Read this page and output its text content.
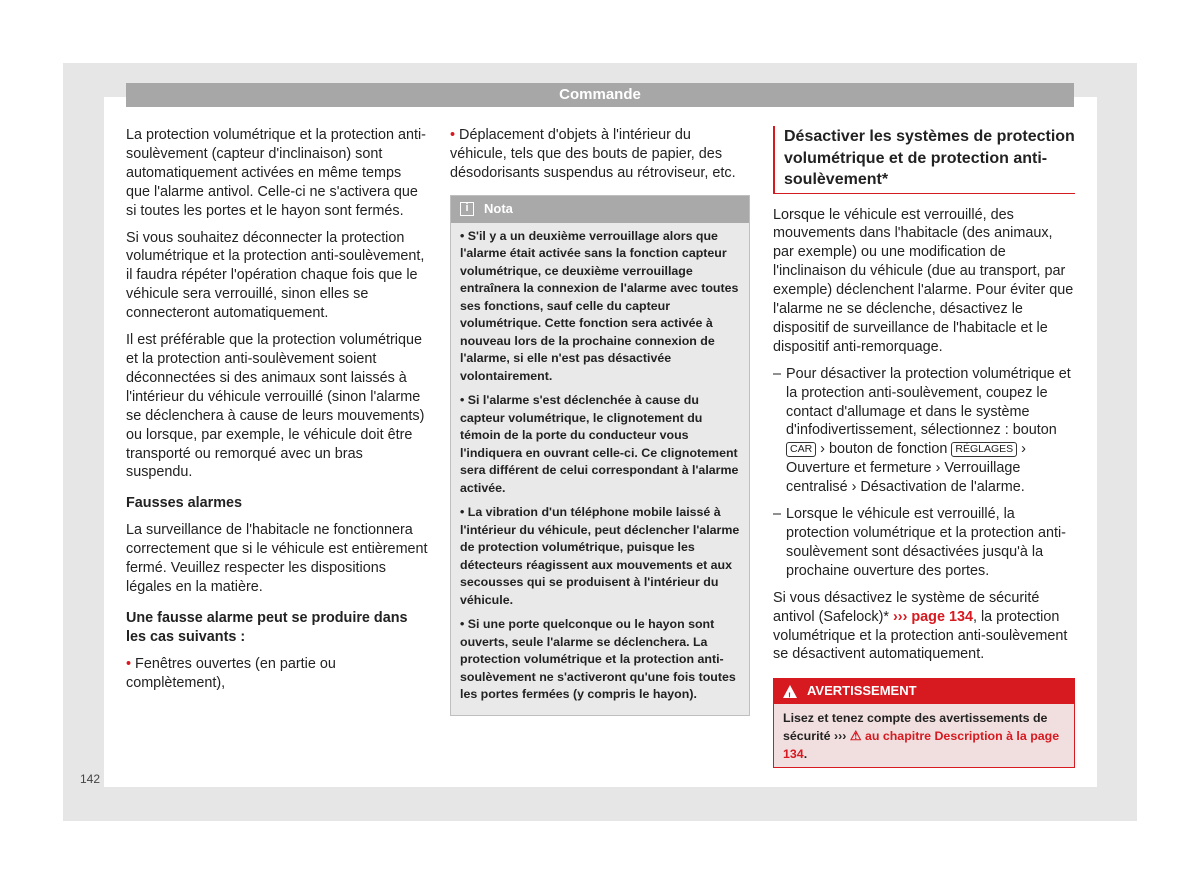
Commande

La protection volumétrique et la protection anti-soulèvement (capteur d'inclinaison) sont automatiquement activées en même temps que l'alarme antivol. Celle-ci ne s'activera que si toutes les portes et le hayon sont fermés.

Si vous souhaitez déconnecter la protection volumétrique et la protection anti-soulèvement, il faudra répéter l'opération chaque fois que le véhicule sera verrouillé, sinon elles se connecteront automatiquement.

Il est préférable que la protection volumétrique et la protection anti-soulèvement soient déconnectées si des animaux sont laissés à l'intérieur du véhicule verrouillé (sinon l'alarme se déclenchera à cause de leurs mouvements) ou lorsque, par exemple, le véhicule doit être transporté ou remorqué avec un bras suspendu.

Fausses alarmes

La surveillance de l'habitacle ne fonctionnera correctement que si le véhicule est entièrement fermé. Veuillez respecter les dispositions légales en la matière.

Une fausse alarme peut se produire dans les cas suivants :

• Fenêtres ouvertes (en partie ou complètement),

• Déplacement d'objets à l'intérieur du véhicule, tels que des bouts de papier, des désodorisants suspendus au rétroviseur, etc.

i	Nota

• S'il y a un deuxième verrouillage alors que l'alarme était activée sans la fonction capteur volumétrique, ce deuxième verrouillage entraînera la connexion de l'alarme avec toutes ses fonctions, sauf celle du capteur volumétrique. Cette fonction sera activée à nouveau lors de la prochaine connexion de l'alarme, si elle n'est pas désactivée volontairement.

• Si l'alarme s'est déclenchée à cause du capteur volumétrique, le clignotement du témoin de la porte du conducteur vous l'indiquera en ouvrant celle-ci. Ce clignotement sera différent de celui correspondant à l'alarme activée.

• La vibration d'un téléphone mobile laissé à l'intérieur du véhicule, peut déclencher l'alarme de protection volumétrique, puisque les détecteurs réagissent aux mouvements et aux secousses qui se produisent à l'intérieur du véhicule.

• Si une porte quelconque ou le hayon sont ouverts, seule l'alarme se déclenchera. La protection volumétrique et la protection anti-soulèvement ne s'activeront qu'une fois toutes les portes fermées (y compris le hayon).

Désactiver les systèmes de protection volumétrique et de protection anti-soulèvement*

Lorsque le véhicule est verrouillé, des mouvements dans l'habitacle (des animaux, par exemple) ou une modification de l'inclinaison du véhicule (due au transport, par exemple) déclenchent l'alarme. Pour éviter que l'alarme ne se déclenche, désactivez le dispositif de surveillance de l'habitacle et le dispositif anti-remorquage.

– Pour désactiver la protection volumétrique et la protection anti-soulèvement, coupez le contact d'allumage et dans le système d'infodivertissement, sélectionnez : bouton CAR › bouton de fonction RÉGLAGES › Ouverture et fermeture › Verrouillage centralisé › Désactivation de l'alarme.
– Lorsque le véhicule est verrouillé, la protection volumétrique et la protection anti-soulèvement sont désactivées jusqu'à la prochaine ouverture des portes.

Si vous désactivez le système de sécurité antivol (Safelock)* ››› page 134, la protection volumétrique et la protection anti-soulèvement se désactivent automatiquement.

! AVERTISSEMENT
Lisez et tenez compte des avertissements de sécurité ››› ⚠ au chapitre Description à la page 134.
142
